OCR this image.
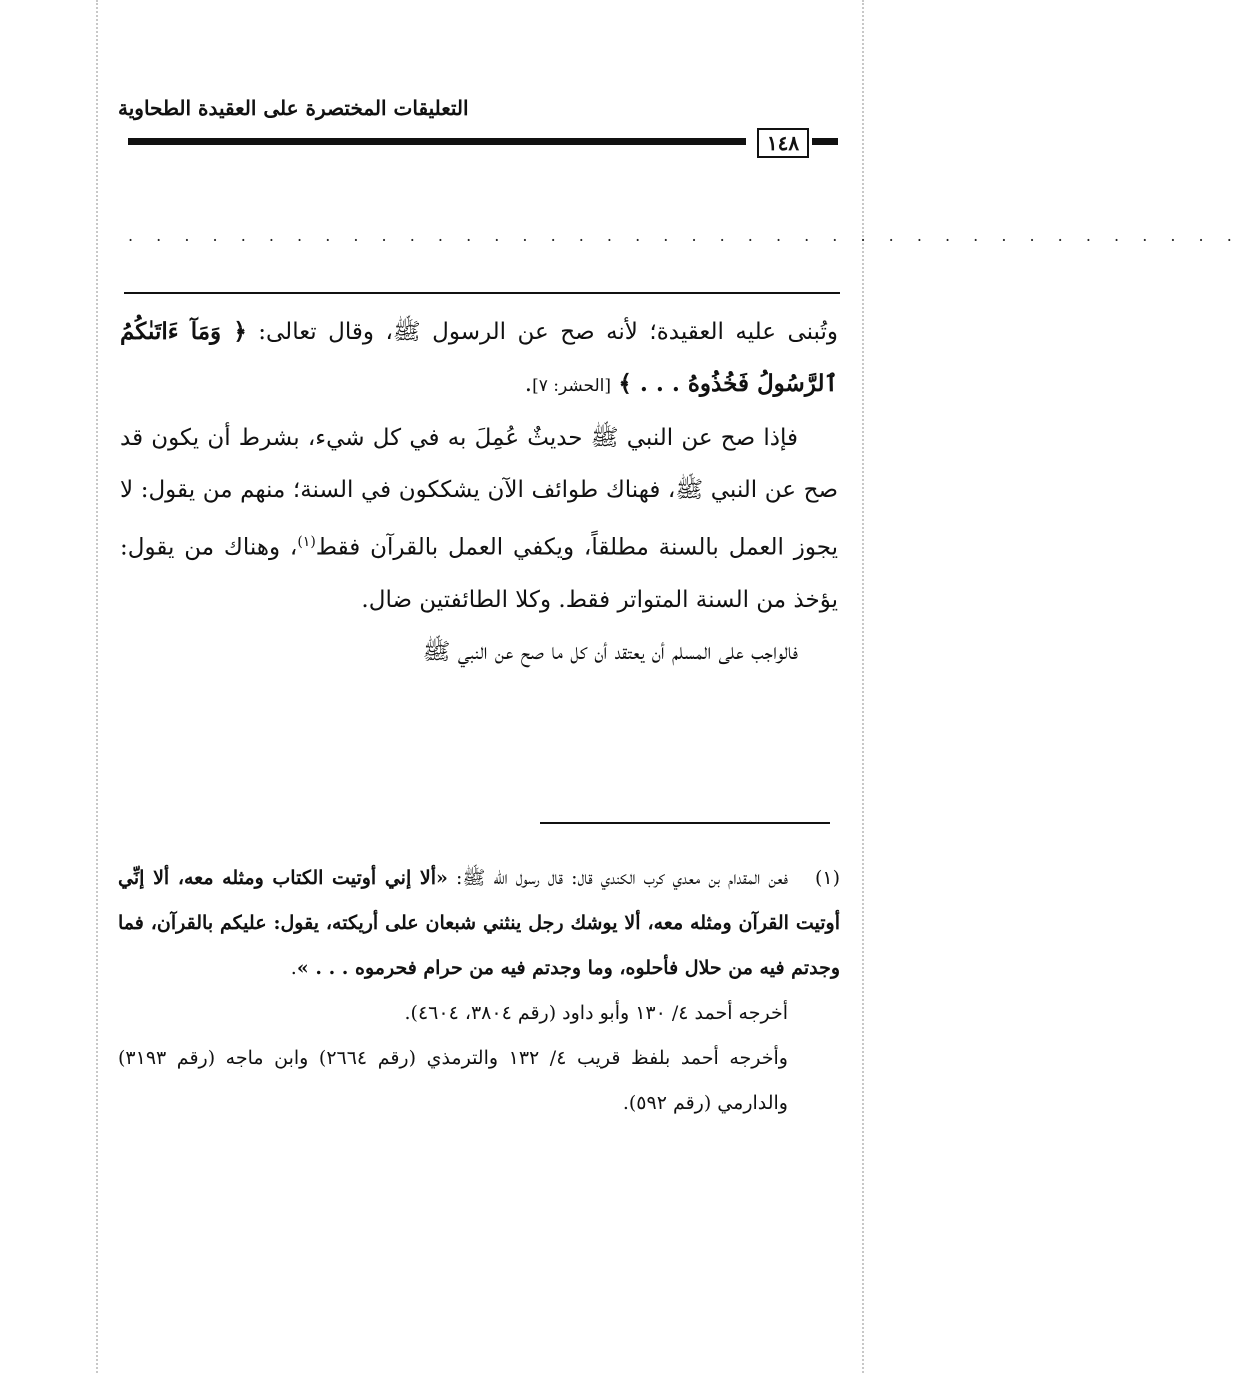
التعليقات المختصرة على العقيدة الطحاوية
١٤٨
. . . . . . . . . . . . . . . . . . . . . . . . . . . . . . . . . . . . . . . .

وتُبنى عليه العقيدة؛ لأنه صح عن الرسول ﷺ، وقال تعالى: ﴿ وَمَآ ءَاتَىٰكُمُ ٱلرَّسُولُ فَخُذُوهُ . . . ﴾ [الحشر: ٧].

فإذا صح عن النبي ﷺ حديثٌ عُمِلَ به في كل شيء، بشرط أن يكون قد صح عن النبي ﷺ، فهناك طوائف الآن يشككون في السنة؛ منهم من يقول: لا يجوز العمل بالسنة مطلقاً، ويكفي العمل بالقرآن فقط$^{(١)}$، وهناك من يقول: يؤخذ من السنة المتواتر فقط. وكلا الطائفتين ضال.

فالواجب على المسلم أن يعتقد أن كل ما صح عن النبي ﷺ

(١)فعن المقدام بن معدي كرب الكندي قال: قال رسول الله ﷺ: «ألا إني أوتيت الكتاب ومثله معه، ألا إنِّي أوتيت القرآن ومثله معه، ألا يوشك رجل ينثني شبعان على أريكته، يقول: عليكم بالقرآن، فما وجدتم فيه من حلال فأحلوه، وما وجدتم فيه من حرام فحرموه . . . ».

أخرجه أحمد ٤/ ١٣٠ وأبو داود (رقم ٣٨٠٤، ٤٦٠٤).

وأخرجه أحمد بلفظ قريب ٤/ ١٣٢ والترمذي (رقم ٢٦٦٤) وابن ماجه (رقم ٣١٩٣) والدارمي (رقم ٥٩٢).
